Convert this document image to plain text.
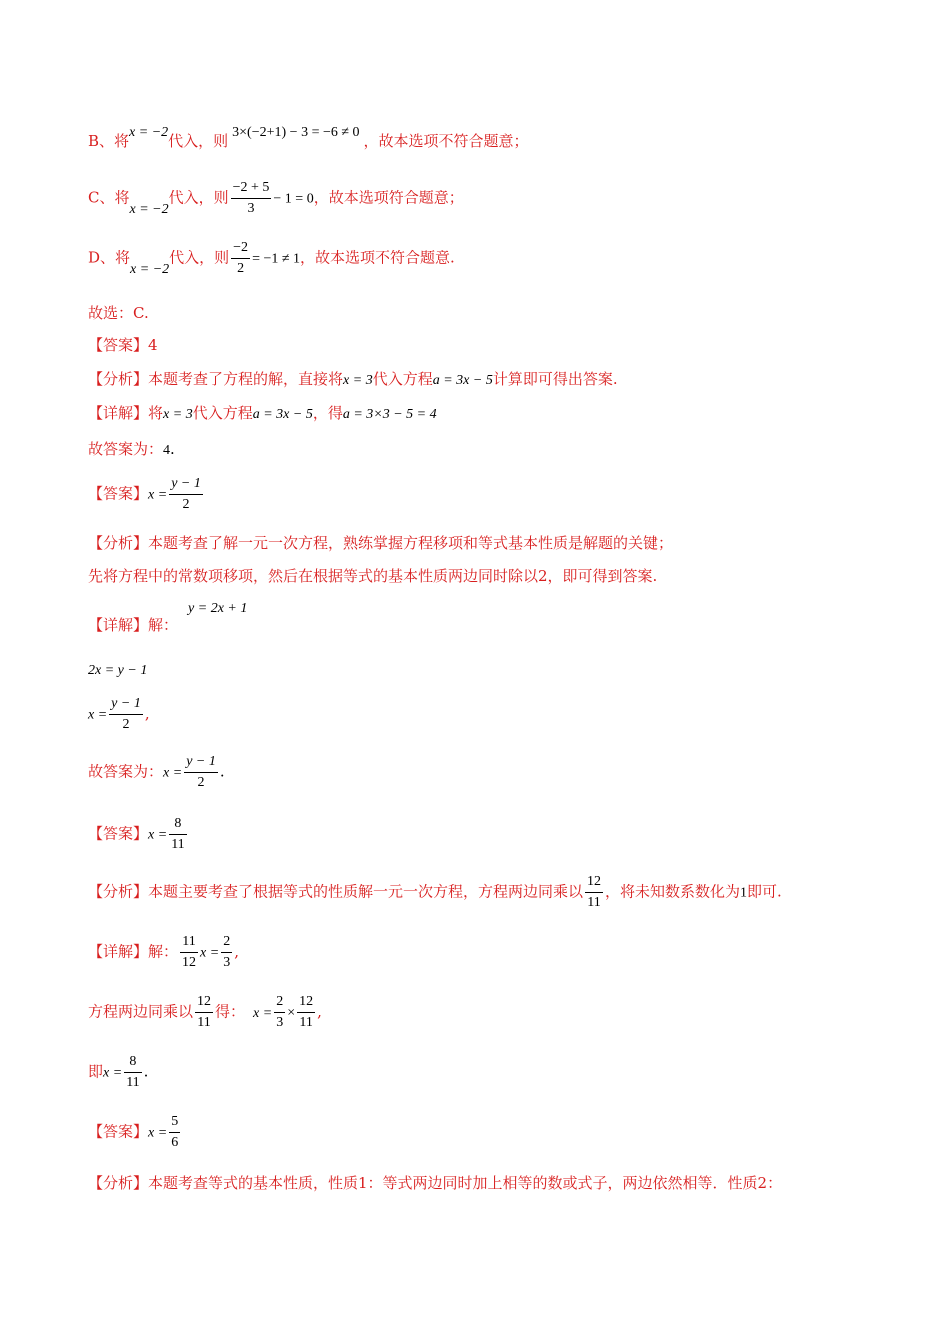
B、将x = −2代入，则 3×(−2+1) − 3 = −6 ≠ 0 ，故本选项不符合题意；
C、将x = −2代入，则 $\frac{-2 + 5}{3} - 1 = 0$，故本选项符合题意；
D、将x = −2代入，则 $\frac{-2}{2} = -1 \ne 1$，故本选项不符合题意.
故选：C.
【答案】4
【分析】本题考查了方程的解，直接将x = 3代入方程a = 3x − 5计算即可得出答案.
【详解】将x = 3代入方程a = 3x − 5，得a = 3×3 − 5 = 4
故答案为：4.
【答案】$x = \frac{y - 1}{2}$
【分析】本题考查了解一元一次方程，熟练掌握方程移项和等式基本性质是解题的关键；
先将方程中的常数项移项，然后在根据等式的基本性质两边同时除以2，即可得到答案.
【详解】解：y = 2x + 1
2x = y − 1
$x = \frac{y - 1}{2}$ ,
故答案为：$x = \frac{y - 1}{2}$ .
【答案】$x = \frac{8}{11}$
【分析】本题主要考查了根据等式的性质解一元一次方程，方程两边同乘以 $\frac{12}{11}$ ，将未知数系数化为1即可.
【详解】解： $\frac{11}{12}$ $x = \frac{2}{3}$ ,
方程两边同乘以 $\frac{12}{11}$ 得： $x = \frac{2}{3} \times \frac{12}{11}$ ,
即$x = \frac{8}{11}$ .
【答案】$x = \frac{5}{6}$
【分析】本题考查等式的基本性质，性质1：等式两边同时加上相等的数或式子，两边依然相等．性质2：
